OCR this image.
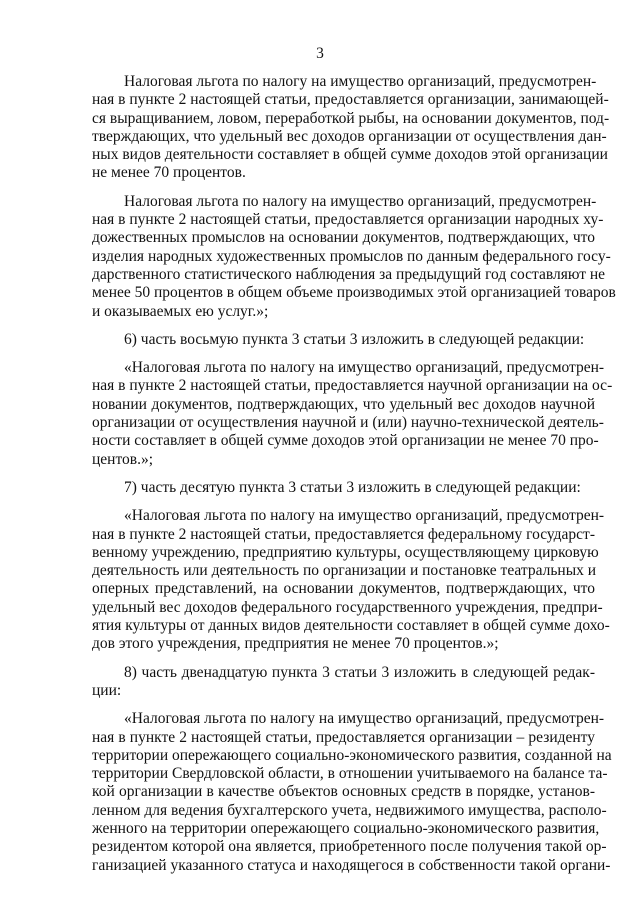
3
Налоговая льгота по налогу на имущество организаций, предусмотрен-
ная в пункте 2 настоящей статьи, предоставляется организации, занимающей-
ся выращиванием, ловом, переработкой рыбы, на основании документов, под-
тверждающих, что удельный вес доходов организации от осуществления дан-
ных видов деятельности составляет в общей сумме доходов этой организации
не менее 70 процентов.
Налоговая льгота по налогу на имущество организаций, предусмотрен-
ная в пункте 2 настоящей статьи, предоставляется организации народных ху-
дожественных промыслов на основании документов, подтверждающих, что
изделия народных художественных промыслов по данным федерального госу-
дарственного статистического наблюдения за предыдущий год составляют не
менее 50 процентов в общем объеме производимых этой организацией товаров
и оказываемых ею услуг.»;
6) часть восьмую пункта 3 статьи 3 изложить в следующей редакции:
«Налоговая льгота по налогу на имущество организаций, предусмотрен-
ная в пункте 2 настоящей статьи, предоставляется научной организации на ос-
новании документов, подтверждающих, что удельный вес доходов научной
организации от осуществления научной и (или) научно-технической деятель-
ности составляет в общей сумме доходов этой организации не менее 70 про-
центов.»;
7) часть десятую пункта 3 статьи 3 изложить в следующей редакции:
«Налоговая льгота по налогу на имущество организаций, предусмотрен-
ная в пункте 2 настоящей статьи, предоставляется федеральному государст-
венному учреждению, предприятию культуры, осуществляющему цирковую
деятельность или деятельность по организации и постановке театральных и
оперных представлений, на основании документов, подтверждающих, что
удельный вес доходов федерального государственного учреждения, предпри-
ятия культуры от данных видов деятельности составляет в общей сумме дохо-
дов этого учреждения, предприятия не менее 70 процентов.»;
8) часть двенадцатую пункта 3 статьи 3 изложить в следующей редак-
ции:
«Налоговая льгота по налогу на имущество организаций, предусмотрен-
ная в пункте 2 настоящей статьи, предоставляется организации – резиденту
территории опережающего социально-экономического развития, созданной на
территории Свердловской области, в отношении учитываемого на балансе та-
кой организации в качестве объектов основных средств в порядке, установ-
ленном для ведения бухгалтерского учета, недвижимого имущества, располо-
женного на территории опережающего социально-экономического развития,
резидентом которой она является, приобретенного после получения такой ор-
ганизацией указанного статуса и находящегося в собственности такой органи-
